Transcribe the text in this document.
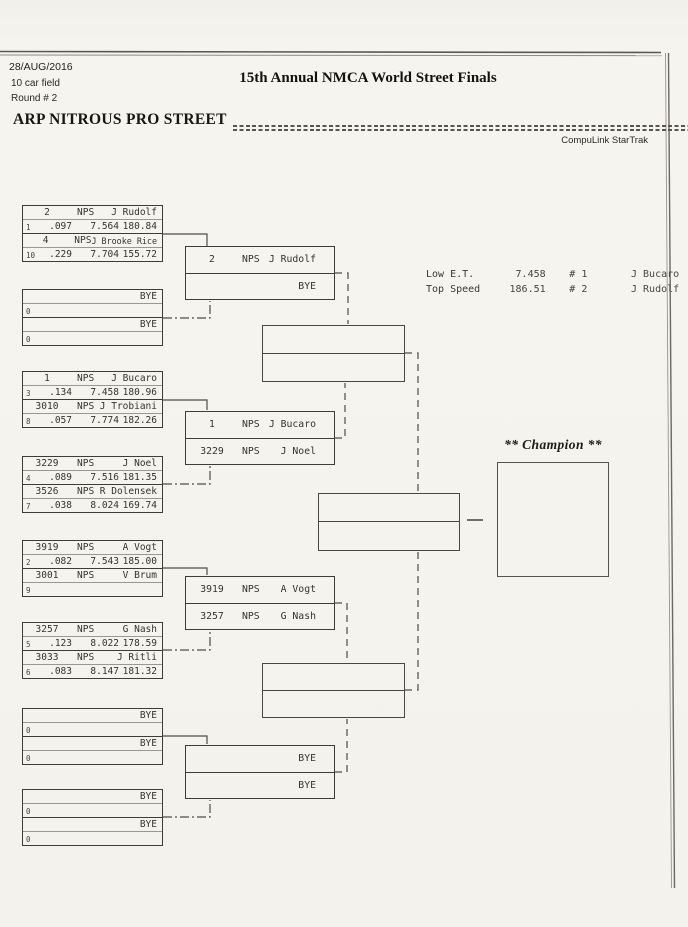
28/AUG/2016
10 car field
Round # 2
15th Annual NMCA World Street Finals
ARP NITROUS PRO STREET
CompuLink StarTrak
Low E.T.	7.458 # 1	J Bucaro
Top Speed	186.51 # 2	J Rudolf
2	NPS	J Rudolf
1	.097	7.564 180.84
4	NPS J Brooke Rice
10	.229	7.704 155.72
BYE
0
BYE
0
1	NPS	J Bucaro
3	.134	7.458 180.96
3010	NPS J Trobiani
8	.057	7.774 182.26
3229	NPS	J Noel
4	.089	7.516 181.35
3526	NPS R Dolensek
7	.038	8.024 169.74
3919	NPS	A Vogt
2	.082	7.543 185.00
3001	NPS	V Brum
9
3257	NPS	G Nash
5	.123	8.022 178.59
3033	NPS	J Ritli
6	.083	8.147 181.32
BYE
0
BYE
0
BYE
0
BYE
0
2	NPS J Rudolf
BYE
1	NPS J Bucaro
3229	NPS	J Noel
3919	NPS	A Vogt
3257	NPS	G Nash
BYE
BYE
** Champion **
